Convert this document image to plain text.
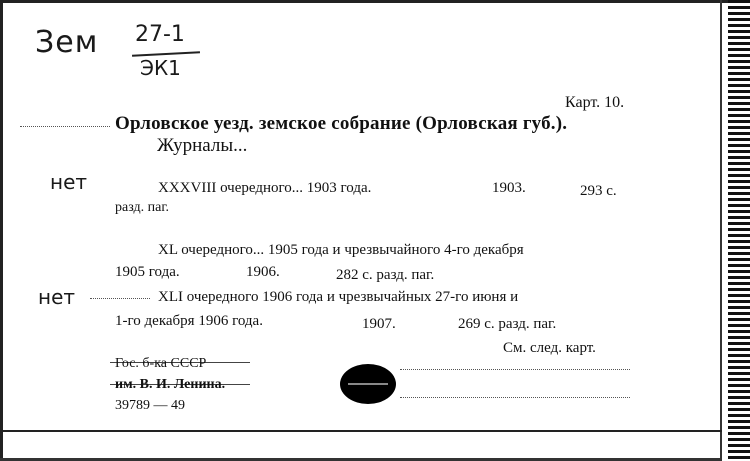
Зем 27-1
ЭК1
нет
нет
Карт. 10.
Орловское уезд. земское собрание (Орловская губ.).
Журналы...
XXXVIII очередного... 1903 года.	1903.	293 с.
разд. паг.
XL очередного... 1905 года и чрезвычайного 4-го декабря
1905 года.	1906.	282 с. разд. паг.
XLI очередного 1906 года и чрезвычайных 27-го июня и
1-го декабря 1906 года.	1907.	269 с. разд. паг.
См. след. карт.
Гос. б-ка СССР
им. В. И. Ленина.
39789 — 49
